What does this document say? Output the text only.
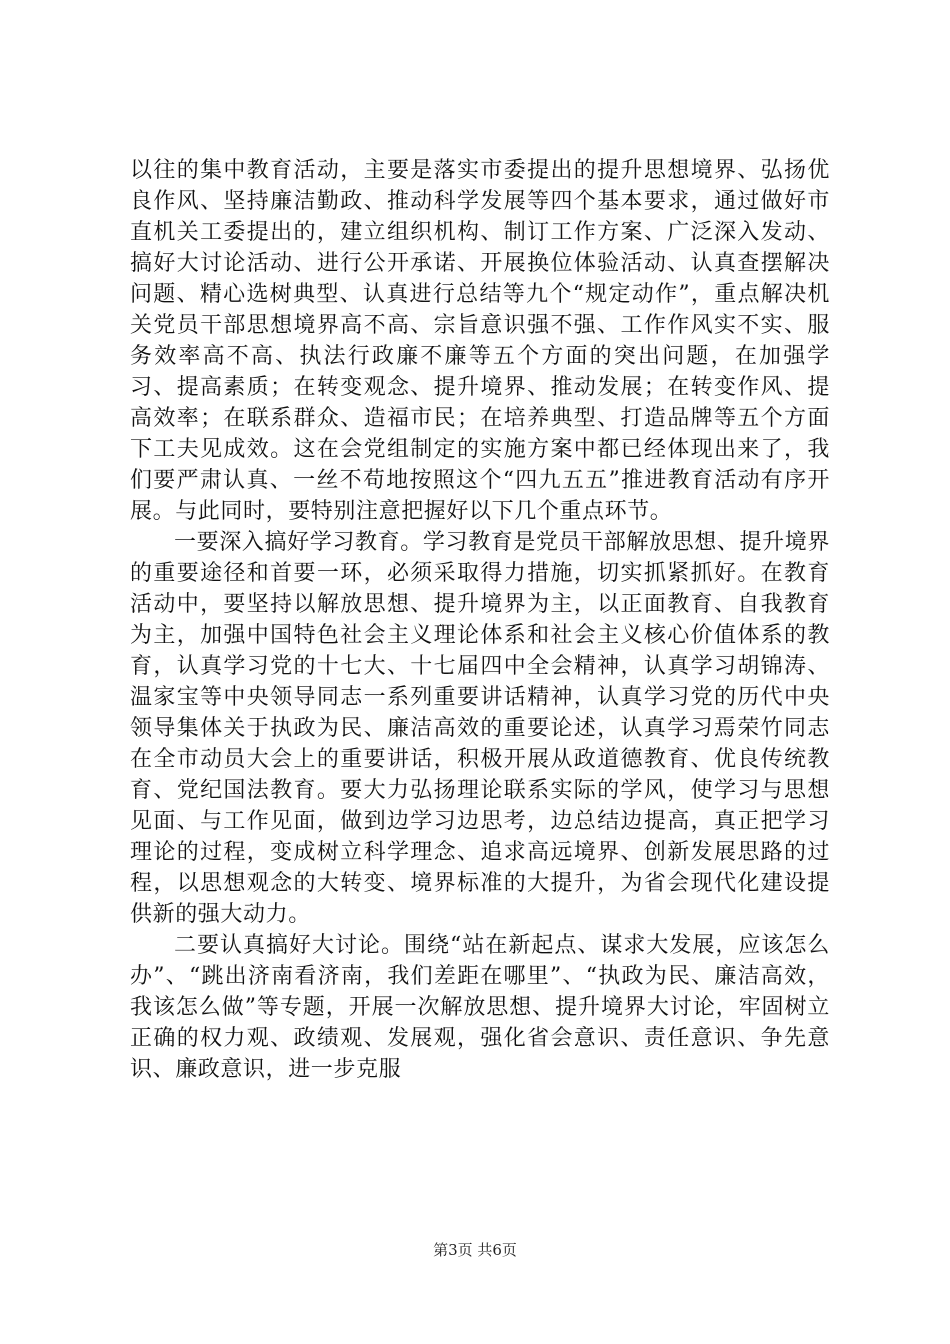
以往的集中教育活动，主要是落实市委提出的提升思想境界、弘扬优良作风、坚持廉洁勤政、推动科学发展等四个基本要求，通过做好市直机关工委提出的，建立组织机构、制订工作方案、广泛深入发动、搞好大讨论活动、进行公开承诺、开展换位体验活动、认真查摆解决问题、精心选树典型、认真进行总结等九个“规定动作”，重点解决机关党员干部思想境界高不高、宗旨意识强不强、工作作风实不实、服务效率高不高、执法行政廉不廉等五个方面的突出问题，在加强学习、提高素质；在转变观念、提升境界、推动发展；在转变作风、提高效率；在联系群众、造福市民；在培养典型、打造品牌等五个方面下工夫见成效。这在会党组制定的实施方案中都已经体现出来了，我们要严肃认真、一丝不苟地按照这个“四九五五”推进教育活动有序开展。与此同时，要特别注意把握好以下几个重点环节。

一要深入搞好学习教育。学习教育是党员干部解放思想、提升境界的重要途径和首要一环，必须采取得力措施，切实抓紧抓好。在教育活动中，要坚持以解放思想、提升境界为主，以正面教育、自我教育为主，加强中国特色社会主义理论体系和社会主义核心价值体系的教育，认真学习党的十七大、十七届四中全会精神，认真学习胡锦涛、温家宝等中央领导同志一系列重要讲话精神，认真学习党的历代中央领导集体关于执政为民、廉洁高效的重要论述，认真学习焉荣竹同志在全市动员大会上的重要讲话，积极开展从政道德教育、优良传统教育、党纪国法教育。要大力弘扬理论联系实际的学风，使学习与思想见面、与工作见面，做到边学习边思考，边总结边提高，真正把学习理论的过程，变成树立科学理念、追求高远境界、创新发展思路的过程，以思想观念的大转变、境界标准的大提升，为省会现代化建设提供新的强大动力。

二要认真搞好大讨论。围绕“站在新起点、谋求大发展，应该怎么办”、“跳出济南看济南，我们差距在哪里”、“执政为民、廉洁高效，我该怎么做”等专题，开展一次解放思想、提升境界大讨论，牢固树立正确的权力观、政绩观、发展观，强化省会意识、责任意识、争先意识、廉政意识，进一步克服

第3页 共6页
